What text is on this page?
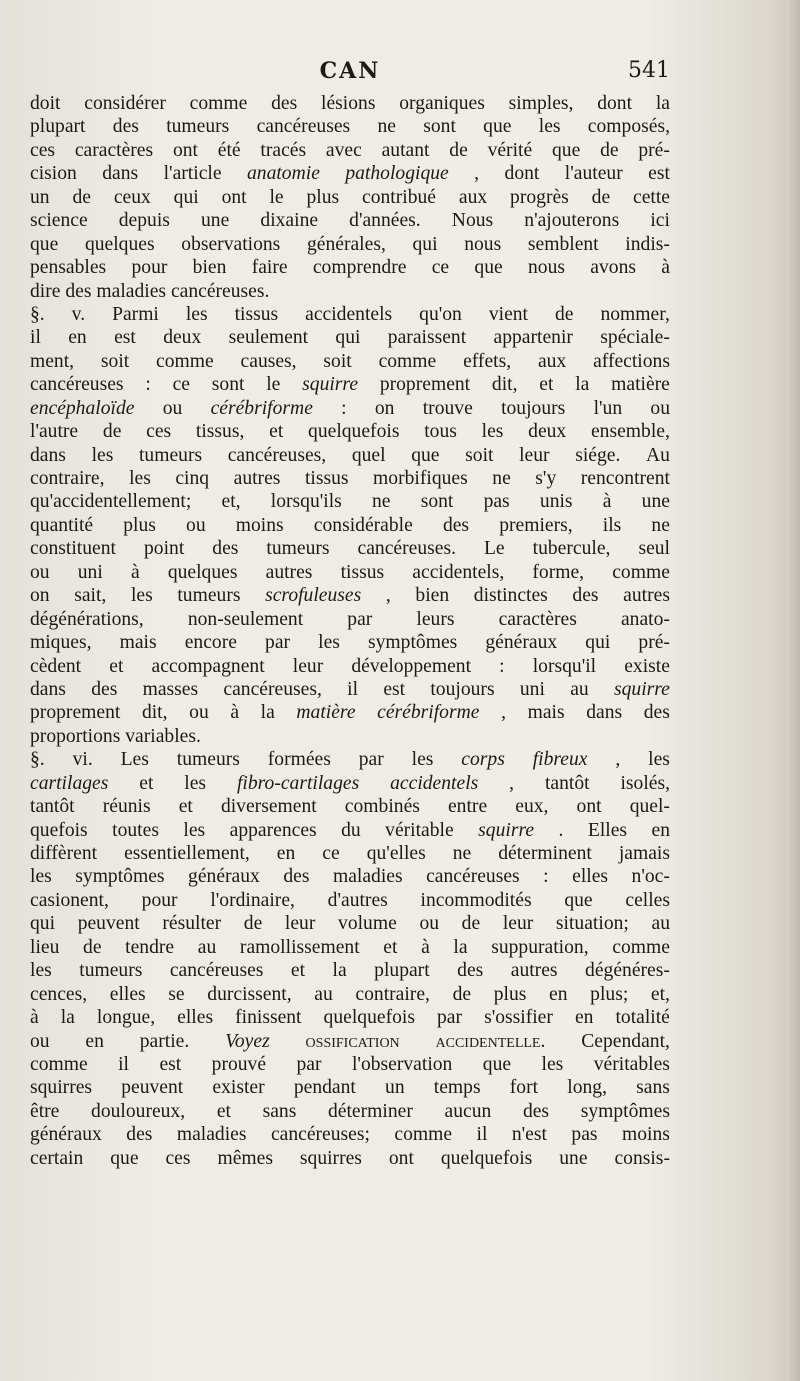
CAN	541
doit considérer comme des lésions organiques simples, dont la
plupart des tumeurs cancéreuses ne sont que les composés,
ces caractères ont été tracés avec autant de vérité que de pré-
cision dans l'article anatomie pathologique , dont l'auteur est
un de ceux qui ont le plus contribué aux progrès de cette
science depuis une dixaine d'années. Nous n'ajouterons ici
que quelques observations générales, qui nous semblent indis-
pensables pour bien faire comprendre ce que nous avons à
dire des maladies cancéreuses.
§. v. Parmi les tissus accidentels qu'on vient de nommer,
il en est deux seulement qui paraissent appartenir spéciale-
ment, soit comme causes, soit comme effets, aux affections
cancéreuses : ce sont le squirre proprement dit, et la matière
encéphaloïde ou cérébriforme : on trouve toujours l'un ou
l'autre de ces tissus, et quelquefois tous les deux ensemble,
dans les tumeurs cancéreuses, quel que soit leur siége. Au
contraire, les cinq autres tissus morbifiques ne s'y rencontrent
qu'accidentellement; et, lorsqu'ils ne sont pas unis à une
quantité plus ou moins considérable des premiers, ils ne
constituent point des tumeurs cancéreuses. Le tubercule, seul
ou uni à quelques autres tissus accidentels, forme, comme
on sait, les tumeurs scrofuleuses , bien distinctes des autres
dégénérations, non-seulement par leurs caractères anato-
miques, mais encore par les symptômes généraux qui pré-
cèdent et accompagnent leur développement : lorsqu'il existe
dans des masses cancéreuses, il est toujours uni au squirre
proprement dit, ou à la matière cérébriforme , mais dans des
proportions variables.
§. vi. Les tumeurs formées par les corps fibreux , les
cartilages et les fibro-cartilages accidentels , tantôt isolés,
tantôt réunis et diversement combinés entre eux, ont quel-
quefois toutes les apparences du véritable squirre . Elles en
diffèrent essentiellement, en ce qu'elles ne déterminent jamais
les symptômes généraux des maladies cancéreuses : elles n'oc-
casionent, pour l'ordinaire, d'autres incommodités que celles
qui peuvent résulter de leur volume ou de leur situation; au
lieu de tendre au ramollissement et à la suppuration, comme
les tumeurs cancéreuses et la plupart des autres dégénéres-
cences, elles se durcissent, au contraire, de plus en plus; et,
à la longue, elles finissent quelquefois par s'ossifier en totalité
ou en partie. Voyez ossification accidentelle. Cependant,
comme il est prouvé par l'observation que les véritables
squirres peuvent exister pendant un temps fort long, sans
être douloureux, et sans déterminer aucun des symptômes
généraux des maladies cancéreuses; comme il n'est pas moins
certain que ces mêmes squirres ont quelquefois une consis-
